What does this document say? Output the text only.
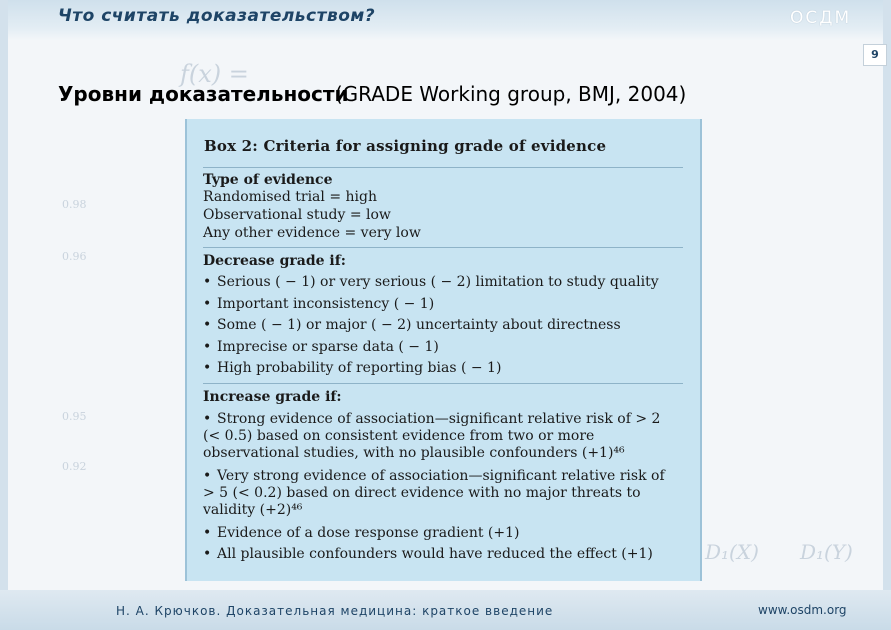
f(x) =
D₁(X) D₁(Y)
0.98
0.96
0.95
0.92
Что считать доказательством?	ОСДМ
9
Уровни доказательности (GRADE Working group, BMJ, 2004)
Box 2: Criteria for assigning grade of evidence
Type of evidence
Randomised trial = high
Observational study = low
Any other evidence = very low
Decrease grade if:
• Serious ( − 1) or very serious ( − 2) limitation to study quality
• Important inconsistency ( − 1)
• Some ( − 1) or major ( − 2) uncertainty about directness
• Imprecise or sparse data ( − 1)
• High probability of reporting bias ( − 1)
Increase grade if:
• Strong evidence of association—significant relative risk of > 2
(< 0.5) based on consistent evidence from two or more
observational studies, with no plausible confounders (+1)⁴⁶
• Very strong evidence of association—significant relative risk of
> 5 (< 0.2) based on direct evidence with no major threats to
validity (+2)⁴⁶
• Evidence of a dose response gradient (+1)
• All plausible confounders would have reduced the effect (+1)
Н. А. Крючков. Доказательная медицина: краткое введение	www.osdm.org
